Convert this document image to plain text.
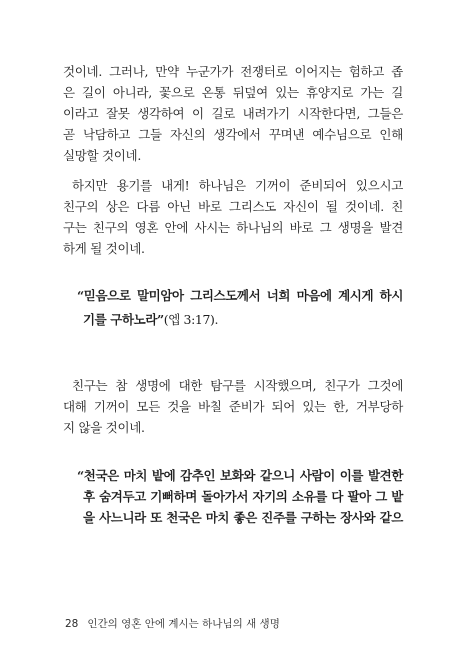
것이네. 그러나, 만약 누군가가 전쟁터로 이어지는 험하고 좁
은 길이 아니라, 꽃으로 온통 뒤덮여 있는 휴양지로 가는 길
이라고 잘못 생각하여 이 길로 내려가기 시작한다면, 그들은
곧 낙담하고 그들 자신의 생각에서 꾸며낸 예수님으로 인해
실망할 것이네.
하지만 용기를 내게! 하나님은 기꺼이 준비되어 있으시고
친구의 상은 다름 아닌 바로 그리스도 자신이 될 것이네. 친
구는 친구의 영혼 안에 사시는 하나님의 바로 그 생명을 발견
하게 될 것이네.
“믿음으로 말미암아 그리스도께서 너희 마음에 계시게 하시
기를 구하노라”(엡 3:17).
친구는 참 생명에 대한 탐구를 시작했으며, 친구가 그것에
대해 기꺼이 모든 것을 바칠 준비가 되어 있는 한, 거부당하
지 않을 것이네.
28 인간의 영혼 안에 계시는 하나님의 새 생명
“천국은 마치 밭에 감추인 보화와 같으니 사람이 이를 발견한
후 숨겨두고 기뻐하며 돌아가서 자기의 소유를 다 팔아 그 밭
을 사느니라 또 천국은 마치 좋은 진주를 구하는 장사와 같으
